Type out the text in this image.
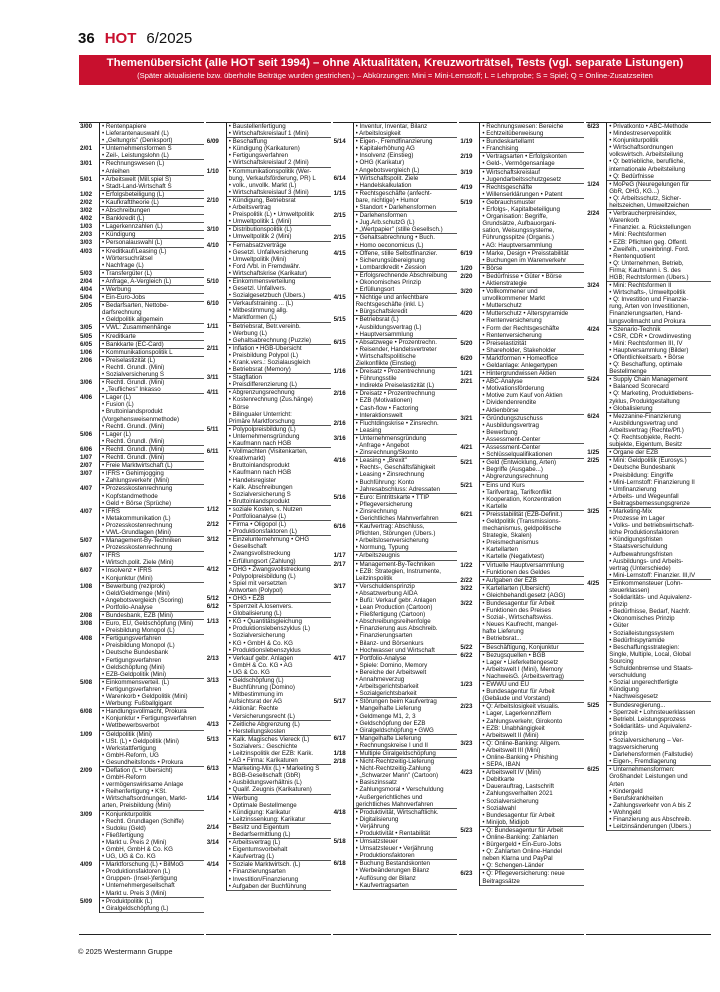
36 HOT 6/2025
Themenübersicht (alle HOT seit 1994) – ohne Aktualitäten, Kreuzworträtsel, Tests (vgl. separate Listungen)
(Später aktualisierte bzw. überholte Beiträge wurden gestrichen.) – Abkürzungen: Mini = Mini-Lernstoff; L = Lehrprobe; S = Spiel; Q = Online-Zusatzseiten
3/00	• Rentenpapiere
• Lieferantenauswahl (L)
• „Geltungris" (Denksport)
2/01	• Unternehmensformen S
• Zeil-, Leistungslohn (L)
3/01	• Rechnungswesen (L)
• Anleihen
5/01	• Arbeitswelt (Mill.spiel S)
• Stadt-Land-Wirtschaft S
1/02	• Erfolgsbeteiligung (L)
2/02	• Kaufkrafttheorie (L)
3/02	• Abschreibungen
4/02	• Bankkredit (L)
1/03	• Lagerkennzahlen (L)
2/03	• Kündigung
3/03	• Personalauswahl (L)
4/03	• Kreditkauf/Leasing (L)
• Wörtersuchrätsel
• Nachfrage (L)
5/03	• Transfergüter (L)
2/04	• Anfrage, A-Vergleich (L)
4/04	• Werbung
5/04	• Ein-Euro-Jobs
2/05	• Bedarfsarten, Nettobe-
darfsrechnung
• Geldpolitik allgemein
3/05	• VWL: Zusammenhänge
5/05	• Kreditkarte
6/05	• Bankkarte (EC-Card)
1/06	• Kommunikationspolitik L
2/06	• Preiselastizität (L)
• Rechtl. Grundl. (Mini)
• Sozialversicherung S
3/06	• Rechtl. Grundl. (Mini)
• „Teufliches" Inkasso
4/06	• Lager (L)
• Fusion (L)
• Bruttoinlandsprodukt
(Vorgehensweisenmethode)
• Rechtl. Grundl. (Mini)
5/06	• Lager (L)
• Rechtl. Grundl. (Mini)
6/06	• Rechtl. Grundl. (Mini)
1/07	• Rechtl. Grundl. (Mini)
2/07	• Freie Marktwirtschaft (L)
3/07	• IFRS • Gehimjogging
• Zahlungsverkehr (Mini)
4/07	• Prozesskostenrechnung
• Kopfstandmethode
• Geld + Börse (Sprüche)
4/07	• IFRS
• Metakommunikation (L)
• Prozesskostenrechnung
• VWL-Grundlagen (Mini)
5/07	• Management-By-Techniken
• Prozesskostenrechnung
6/07	• IFRS
• Wirtsch.polit. Ziele (Mini)
6/07	• Insolvenz • IFRS
• Konjunktur (Mini)
1/08	• Bewerbung (reziprok)
• Geld/Geldmenge (Mini)
• Angebotsvergleich (Scoring)
• Portfolio-Analyse
2/08	• Bundesbank, EZB (Mini)
3/08	• Euro, EU, Geldschöpfung (Mini)
• Preisbildung Monopol (L)
4/08	• Fertigungsverfahren
• Preisbildung Monopol (L)
• Deutsche Bundesbank
• Fertigungsverfahren
• Geldschöpfung (Mini)
• EZB-Geldpolitik (Mini)
5/08	• Einkommensverteil. (L)
• Fertigungsverfahren
• Warenkorb • Geldpolitik (Mini)
• Werbung: Fußballgigant
6/08	• Handlungsvollmacht, Prokura
• Konjunktur • Fertigungsverfahren
• Wettbewerbsverbot
1/09	• Geldpolitik (Mini)
• USt. (L) • Geldpolitik (Mini)
• Werkstattfertigung
• GmbH-Reform, UG
• Gesundheitsfonds • Prokura
2/09	• Deflation (L + Übersicht)
• GmbH-Reform
• vermögenswirksame Anlage
• Reihenfertigung • KSt.
• Wirtschaftsordnungen, Markt-
arten, Preisbildung (Mini)
3/09	• Konjunkturpolitik
• Rechtl. Grundlagen (Schiffe)
• Sudoku (Geld)
• Fließfertigung
• Markt u. Preis 2 (Mini)
• GmbH, GmbH & Co. KG
• UG, UG & Co. KG
4/09	• Marktforschung (L) • BilMoG
• Produktionsfaktoren (L)
• Gruppen- (Insel-)fertigung
• Unternehmergesellschaft
• Markt u. Preis 3 (Mini)
5/09	• Produktpolitik (L)
• Giralgeldschöpfung (L)
• Baustellenfertigung
• Wirtschaftskreislauf 1 (Mini)
6/09	• Beschaffung
• Kündigung (Karikaturen)
• Fertigungsverfahren
• Wirtschaftskreislauf 2 (Mini)
1/10	• Kommunikationspolitik (Wer-
bung, Verkaufsförderung, PR) L
• volk., unvollk. Markt (L)
• Wirtschaftskreislauf 3 (Mini)
2/10	• Kündigung, Betriebsrat
• Arbeitsvertrag
• Preispolitik (L) • Umweltpolitik
• Umweltpolitik 1 (Mini)
3/10	• Distributionspolitik (L)
• Umweltpolitik 2 (Mini)
4/10	• Fernabsatzverträge
• Gesetzl. Unfallversicherung
• Umweltpolitik (Mini)
• Ford /Vbl. in Fremdwähr.
• Wirtschaftskrise (Karikatur)
5/10	• Einkommensverteilung
• Gesetzl. Unfallvers.
• Sozialgesetzbuch (Übers.)
6/10	• Verkaufstraining ... (L)
• Mitbestimmung allg.
• Marktformen (L)
1/11	• Betriebsrat, Betr.vereinb.
• Werbung (L)
• Gehaltsabrechnung (Puzzle)
2/11	• Inflation • HGB-Übersicht
• Preisbildung Polypol (L)
• Krank.vers.: Sozialausgleich
• Betriebsrat (Memory)
3/11	• Stagflation
• Preisdifferenzierung (L)
4/11	• Abgrenzungsrechnung
• Kostenrechnung (Zus.hänge)
• Börse
• Bilingualer Unterricht:
Primäre Marktforschung
5/11	• Polypolpreisbildung (L)
• Unternehmensgründung
• Kaufmann nach HGB
6/11	• Vollmachten (Visitenkarten,
Kreativmarkt)
• Bruttoinlandsprodukt
• Kaufmann nach HGB
• Handelsregister
• Kalk. Abschreibungen
• Sozialversicherung S
• Bruttoinlandsprodukt
1/12	• soziale Kosten, s. Nutzen
• Portfolioanalyse (L)
2/12	• Firma • Oligopol (L)
• Produktionsfaktoren (L)
3/12	• Einzelunternehmung • OHG
• Gesellschaft
• Zwangsvollstreckung
• Erfüllungsort (Zahlung)
4/12	• OHG • Zwangsvollstreckung
• Polypolpreisbildung (L)
• Spiel mit versetzten
Antworten (Polypol)
5/12	• OHG • EZB
6/12	• Sperrzeit A.losenvers.
• Globalisierung (L)
1/13	• KG • Quantitätsgleichung
• Produktionslebenszyklus (L)
• Sozialversicherung
• KG • GmbH & Co. KG
• Produktionslebenszyklus
2/13	• Verkauf gebr. Anlagen
• GmbH & Co. KG • AG
• UG & Co. KG
3/13	• Geldschöpfung (L)
• Buchführung (Domino)
• Mitbestimmung im
Aufsichtsrat der AG
• Aktionär: Rechte
• Versicherungsrecht (L)
4/13	• Zeitliche Abgrenzung (L)
• Herstellungskosten
5/13	• Kalk. Magisches Viereck (L)
• Sozialvers.: Geschichte
• Leitzinspolitik der EZB: Karik.
• AG • Firma: Karikaturen
6/13	• Marketing-Mix (L) • Marketing S
• BGB-Gesellschaft (GbR)
• Ausbildungsverhältnis (L)
• Qualif. Zeugnis (Karikaturen)
1/14	• Werbung
• Optimale Bestellmenge
• Kündigung: Karikatur
• Leitzinssenkung: Karikatur
2/14	• Besitz und Eigentum
• Bedarfsermittlung (L)
3/14	• Arbeitsvertrag (L)
• Eigentumsvorbehalt
• Kaufvertrag (L)
4/14	• Soziale Marktwirtsch. (L)
• Finanzierungsarten
• Investition/Finanzierung
• Aufgaben der Buchführung
• Inventur, Inventar, Bilanz
• Arbeitslosigkeit
5/14	• Eigen-, Fremdfinanzierung
• Kapitalerhöhung AG
• Insolvenz (Einstieg)
• OHG (Karikatur)
• Angebotsvergleich (L)
6/14	• Wirtschaftspolit. Ziele
• Handelskalkulation
1/15	• Rechtsgeschäfte (anfecht-
bare, nichtige) • Humor
• Standort • Darlehensformen
2/15	• Darlehensformen
• Jug.Arb.schutzG (L)
• „Wertpapier" (stille Gesellsch.)
2/15	• Gehaltsabrechnung • Buch.
• Homo oeconomicus (L)
4/15	• Offene, stille Selbstfinanzier.
• Sicherungsübereignung
• Lombardkredit • Zession
• Erfolgsrechnende Abschreibung
• Ökonomisches Prinzip
• Erfüllungsort
4/15	• Nichtige und anfechtbare
Rechtsgeschäfte (inkl. L)
• Bürgschaftskredit
5/15	• Betriebsrat (L)
• Ausbildungsvertrag (L)
• Hauptversammlung
6/15	• Absatzwege • Prozentrechn.
• Reisender, Handelsvertreter
• Wirtschaftspolitische
Zielkonflikte (Einstieg)
1/16	• Dreisatz • Prozentrechnung
• Führungsstile
• Indirekte Preiselastizität (L)
2/16	• Dreisatz • Prozentrechnung
• EZB (Motivationen)
• Cash-flow • Factoring
• Interaktionswelt
2/16	• Fluchtdingskrise • Zinsrechn.
• Leasing
3/16	• Unternehmensgründung
• Anfrage • Angebot
• Zinsrechnung/Skonto
4/16	• Leasing • „Brexit"
• Rechts-, Geschäftsfähigkeit
• Leasing • Zinsrechnung
• Buchführung: Konto
• Jahresabschluss: Adressaten
5/16	• Euro: Eintrittskarte • TTIP
• Pflegeversicherung
• Zinsrechnung
• Gerichtliches Mahnverfahren
6/16	• Kaufvertrag: Abschluss,
Pflichten, Störungen (Übers.)
• Arbeitslosenversicherung
• Normung, Typung
1/17	• Arbeitszeugnis
2/17	• Management-By-Techniken
• EZB: Strategien, Instrumente,
Leitzinspolitik
3/17	• Verschuldensprinzip
• Absatzwerbung AIDA
• Bufü: Verkauf gebr. Anlagen
• Lean Production (Cartoon)
• Fließfertigung (Cartoon)
• Abschreibungsreihenfolge
• Finanzierung aus Abschreib.
• Finanzierungsarten
• Bilanz- und Börsenkurs
• Hochwasser und Wirtschaft
4/17	• Portfolio-Analyse
• Spiele: Domino, Memory
• Bereiche der Arbeitswelt
• Annahmeverzug
• Arbeitsgerichtsbarkeit
• Sozialgerichtsbarkeit
5/17	• Störungen beim Kaufvertrag
• Mangelhafte Lieferung
• Geldmenge M1, 2, 3
• Geldschöpfung der EZB
• Giralgeldschöpfung • GWG
6/17	• Mangelhafte Lieferung
• Rechnungskreise I und II
1/18	• Multiple Giralgeldschöpfung
2/18	• Nicht-Rechtzeitig-Lieferung
• Nicht-Rechtzeitig-Zahlung
• „Schwarzer Mann" (Cartoon)
• Basiszinssatz
• Zahlungsmoral • Verschuldung
• Außergerichtliches und
gerichtliches Mahnverfahren
4/18	• Produktivität, Wirtschaftlichk.
• Digitalisierung
• Verjährung
• Produktivität • Rentabilität
5/18	• Umsatzsteuer
• Umsatzsteuer • Verjährung
• Produktionsfaktoren
6/18	• Buchung Bestandskonten
• Werbeänderungen Bilanz
• Auflösung der Bilanz
• Kaufvertragsarten
• Rechnungswesen: Bereiche
• Echtzeitüberweisung
1/19	• Bundeskartellamt
• Franchising
2/19	• Vertragsarten • Erfolgskonten
• Geld-, Vermögensanlage
3/19	• Wirtschaftskreislauf
• Jugendarbeitsschutzgesetz
4/19	• Rechtsgeschäfte
• Willenserklärungen • Patent
5/19	• Gebrauchsmuster
• Erfolgs-, Kapitalbeteiligung
• Organisation: Begriffe,
Grundsätze, Aufbauorgani-
sation, Weisungssysteme,
Führungsspitze (Organis.)
• AG: Hauptversammlung
6/19	• Marke, Design • Preisstabilität
• Buchungen im Warenverkehr
1/20	• Börse
2/20	• Bedürfnisse • Güter • Börse
• Aktienstrategie
3/20	• Vollkommener und
unvollkommener Markt
• Mutterschutz
4/20	• Mutterschutz • Alterspyramide
• Rentenversicherung
• Form der Rechtsgeschäfte
• Rentenversicherung
5/20	• Preiselastizität
• Shareholder, Stakeholder
6/20	• Marktformen • Homeoffice
• Geldanlage: Anlegertypen
1/21	• Hintergrundwissen Aktien
2/21	• ABC-Analyse
• Motivationsförderung
• Motive zum Kauf von Aktien
• Dividendenrendite
• Aktienbörse
3/21	• Gründungszuschuss
• Ausbildungsvertrag
• Bewerbung
• Assessment-Center
4/21	• Assessment-Center
• Schlüsselqualifikationen
5/21	• Geld (Entwicklung, Arten)
• Begriffe (Ausgabe...)
• Abgrenzungsrechnung
5/21	• Eins und Kurs
• Tarifvertrag, Tarifkonflikt
• Kooperation, Konzentration
• Kartelle
6/21	• Preisstabilität (EZB-Definit.)
• Geldpolitik (Transmissions-
mechanismus, geldpolitische
Strategie, Skalen)
• Preismechanismus
• Kartellarten
• Kartelle (Negativtest)
1/22	• Virtuelle Hauptversammlung
• Funktionen des Geldes
2/22	• Aufgaben der EZB
3/22	• Kartellarten (Übersicht)
• Gleichbehandl.gesetz (AGG)
3/22	• Bundesagentur für Arbeit
• Funktionen des Preises
• Sozial-, Wirtschaftswiss.
• Neues Kaufrecht, mangel-
hafte Lieferung
• Betriebsrat...
5/22	• Beschäftigung, Konjunktur
6/22	• Bezugsquellen • BGB
• Lager • Lieferkettengesetz
• Arbeitswelt I (Mini), Memory
• NachweisG. (Arbeitsvertrag)
1/23	• EWWU und EU
• Bundesagentur für Arbeit
(Gebäude und Vorstand)
2/23	• Q: Arbeitslosigkeit visualis.
• Lager, Lagerkennziffern
• Zahlungsverkehr, Girokonto
• EZB: Unabhängigkeit
• Arbeitswelt II (Mini)
3/23	• Q: Online-Banking: Allgem.
• Arbeitswelt III (Mini)
• Online-Banking • Phishing
• SEPA, IBAN
4/23	• Arbeitswelt IV (Mini)
• Debitkarte
• Dauerauftrag, Lastschrift
• Zahlungsverhalten 2021
• Sozialversicherung
• Sozialwahl
• Bundesagentur für Arbeit
• Minijob, Midijob
5/23	• Q: Bundesagentur für Arbeit
• Online-Banking: Zahlarten
• Bürgergeld • Ein-Euro-Jobs
• Q: Zahlarten Online-Handel
neben Klarna und PayPal
• Q: Schengen-Länder
6/23	• Q: Pflegeversicherung: neue
Beitragssätze
6/23	• Privatkonto • ABC-Methode
• Mindestreservepolitik
• Konjunkturpolitik
• Wirtschaftsordnungen
volkswirtsch. Arbeitsteilung
• Q: betriebliche, berufliche,
internationale Arbeitsteilung
• Q: Bedürfnisse
1/24	• MoPeG (Neuregelungen für
GbR, OHG, KG...)
• Q: Arbeitsschutz, Sicher-
heitszeichen, Umweltzeichen
2/24	• Verbraucherpreisindex,
Warenkorb
• Finanzier. a. Rückstellungen
• Mini: Rechtsformen
• EZB: Pflichten geg. Öffentl.
• Zweifelh., uneinbringl. Ford.
• Rentenquotient
• Q: Unternehmen, Betrieb,
Firma; Kaufmann i. S. des
HGB; Rechtsformen (Übers.)
3/24	• Mini: Rechtsformen II
• Wirtschafts-, Umweltpolitik
• Q: Investition und Finanzie-
rung, Arten von Investitionen,
Finanzierungsarten, Hand-
lungsvollmacht und Prokura
4/24	• Szenario-Technik
• CSR, CDR • Crowdinvesting
• Mini: Rechtsformen III, IV
• Hauptversammlung (Bilder)
• Öffentlichkeitsarb. • Börse
• Q: Beschaffung, optimale
Bestellmenge
5/24	• Supply Chain Management
• Balanced Scorecard
• Q: Marketing, Produktlebens-
zyklus, Produktgestaltung
• Globalisierung
6/24	• Mezzanine-Finanzierung
• Ausbildungsvertrag und
Arbeitsvertrag (Rechte/Pfl.)
• Q: Rechtsobjekte, Recht-
subjekte, Eigentum, Besitz
1/25	• Organe der EZB
2/25	• Mini: Geldpolitik (Eurosys.)
• Deutsche Bundesbank
• Preisbildung: Eingriffe
• Mini-Lernstoff: Finanzierung II
• Umfinanzierung
• Arbeits- und Wegeunfall
• Beitragsbemessungsgrenze
3/25	• Marketing-Mix
• Prozesse im Lager
• Volks- und betriebswirtschaft-
liche Produktionsfaktoren
• Kündigungsfristen
• Staatsverschuldung
• Aufbewahrungsfristen
• Ausbildungs- und Arbeits-
vertrag (Unterschiede)
• Mini-Lernstoff: Finanzier. III,IV
4/25	• Einkommensteuer (Lohn-
steuerklassen)
• Solidaritäts- und Äquivalenz-
prinzip
• Bedürfnisse, Bedarf, Nachfr.
• Ökonomisches Prinzip
• Güter
• Sozialleistungssystem
• Bedürfnispyramide
• Beschaffungsstrategien:
Single, Multiple, Local, Global
Sourcing
• Schuldenbremse und Staats-
verschuldung
• Sozial ungerechtfertigte
Kündigung
• Nachweisgesetz
5/25	• Bundesregierung...
• Sperrzeit • Lohnsteuerklassen
• Betriebl. Leistungsprozess
• Solidaritäts- und Äquivalenz-
prinzip
• Sozialversicherung – Ver-
tragsversicherung
• Darlehensformen (Fallstudie)
• Eigen-, Fremdlagerung
6/25	• Unternehmensformen:
Großhandel: Leistungen und
Arten
• Kindergeld
• Berufskrankheiten
• Zahlungsverkehr von A bis Z
• Wohngeld
• Finanzierung aus Abschreib.
• Leitzinsänderungen (Übers.)
© 2025 Westermann Gruppe
